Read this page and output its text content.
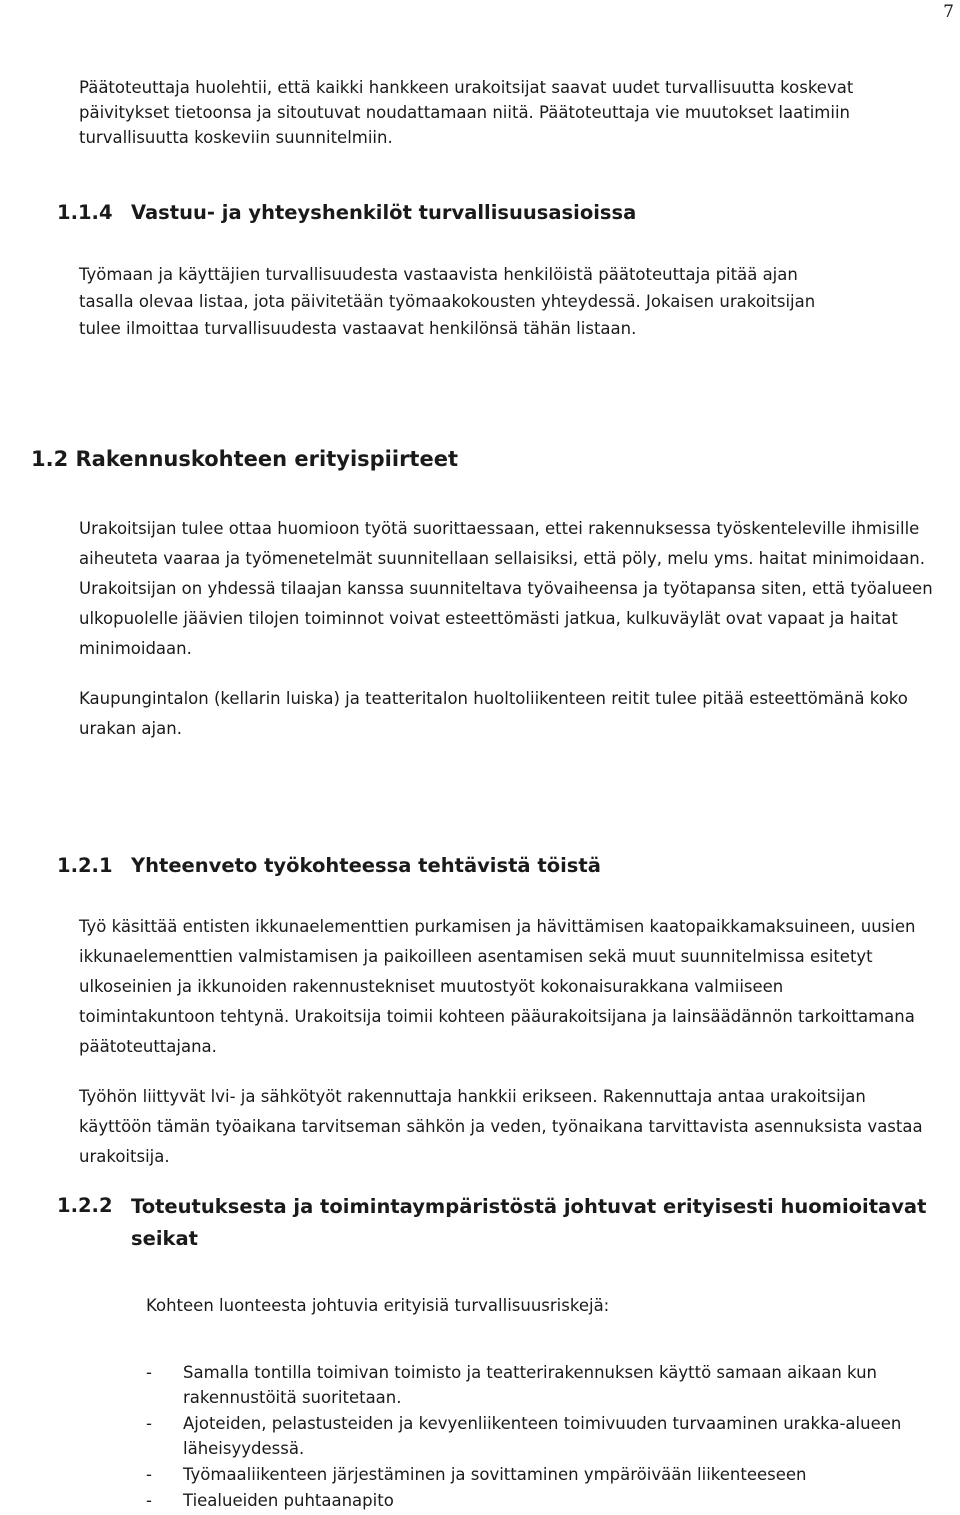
7

Päätoteuttaja huolehtii, että kaikki hankkeen urakoitsijat saavat uudet turvallisuutta koskevat
päivitykset tietoonsa ja sitoutuvat noudattamaan niitä. Päätoteuttaja vie muutokset laatimiin
turvallisuutta koskeviin suunnitelmiin.

1.1.4 Vastuu- ja yhteyshenkilöt turvallisuusasioissa

Työmaan ja käyttäjien turvallisuudesta vastaavista henkilöistä päätoteuttaja pitää ajan
tasalla olevaa listaa, jota päivitetään työmaakokousten yhteydessä. Jokaisen urakoitsijan
tulee ilmoittaa turvallisuudesta vastaavat henkilönsä tähän listaan.

1.2 Rakennuskohteen erityispiirteet

Urakoitsijan tulee ottaa huomioon työtä suorittaessaan, ettei rakennuksessa työskenteleville ihmisille
aiheuteta vaaraa ja työmenetelmät suunnitellaan sellaisiksi, että pöly, melu yms. haitat minimoidaan.
Urakoitsijan on yhdessä tilaajan kanssa suunniteltava työvaiheensa ja työtapansa siten, että työalueen
ulkopuolelle jäävien tilojen toiminnot voivat esteettömästi jatkua, kulkuväylät ovat vapaat ja haitat
minimoidaan.

Kaupungintalon (kellarin luiska) ja teatteritalon huoltoliikenteen reitit tulee pitää esteettömänä koko
urakan ajan.

1.2.1 Yhteenveto työkohteessa tehtävistä töistä

Työ käsittää entisten ikkunaelementtien purkamisen ja hävittämisen kaatopaikkamaksuineen, uusien
ikkunaelementtien valmistamisen ja paikoilleen asentamisen sekä muut suunnitelmissa esitetyt
ulkoseinien ja ikkunoiden rakennustekniset muutostyöt kokonaisurakkana valmiiseen
toimintakuntoon tehtynä. Urakoitsija toimii kohteen pääurakoitsijana ja lainsäädännön tarkoittamana
päätoteuttajana.

Työhön liittyvät lvi- ja sähkötyöt rakennuttaja hankkii erikseen. Rakennuttaja antaa urakoitsijan
käyttöön tämän työaikana tarvitseman sähkön ja veden, työnaikana tarvittavista asennuksista vastaa
urakoitsija.

1.2.2 Toteutuksesta ja toimintaympäristöstä johtuvat erityisesti huomioitavat
seikat

Kohteen luonteesta johtuvia erityisiä turvallisuusriskejä:

- Samalla tontilla toimivan toimisto ja teatterirakennuksen käyttö samaan aikaan kun
rakennustöitä suoritetaan.
- Ajoteiden, pelastusteiden ja kevyenliikenteen toimivuuden turvaaminen urakka-alueen
läheisyydessä.
- Työmaaliikenteen järjestäminen ja sovittaminen ympäröivään liikenteeseen
- Tiealueiden puhtaanapito
